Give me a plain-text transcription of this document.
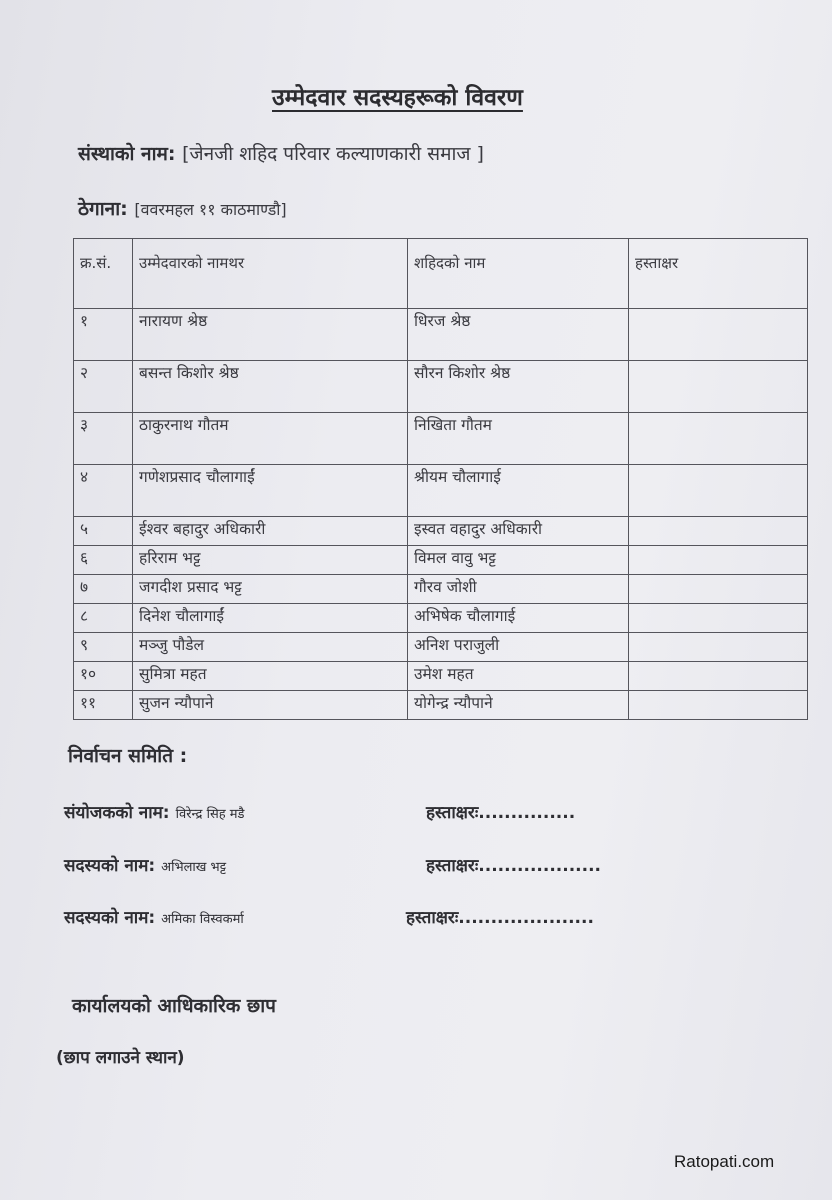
उम्मेदवार सदस्यहरूको विवरण
संस्थाको नाम: [जेनजी शहिद परिवार कल्याणकारी समाज ]
ठेगाना: [ववरमहल ११ काठमाण्डौ]
क्र.सं.	उम्मेदवारको नामथर	शहिदको नाम	हस्ताक्षर
१	नारायण श्रेष्ठ	धिरज श्रेष्ठ	
२	बसन्त किशोर श्रेष्ठ	सौरन किशोर श्रेष्ठ	
३	ठाकुरनाथ गौतम	निखिता गौतम	
४	गणेशप्रसाद चौलागाईं	श्रीयम चौलागाई	
५	ईश्वर बहादुर अधिकारी	इस्वत वहादुर अधिकारी	
६	हरिराम भट्ट	विमल वावु भट्ट	
७	जगदीश प्रसाद भट्ट	गौरव जोशी	
८	दिनेश चौलागाईं	अभिषेक चौलागाई	
९	मञ्जु पौडेल	अनिश पराजुली	
१०	सुमित्रा महत	उमेश महत	
११	सुजन न्यौपाने	योगेन्द्र न्यौपाने	
निर्वाचन समिति :
संयोजकको नाम: विरेन्द्र सिह मडै	हस्ताक्षरः...............
सदस्यको नाम: अभिलाख भट्ट	हस्ताक्षरः...................
सदस्यको नाम: अमिका विस्वकर्मा	हस्ताक्षरः.....................
कार्यालयको आधिकारिक छाप
(छाप लगाउने स्थान)
Ratopati.com
